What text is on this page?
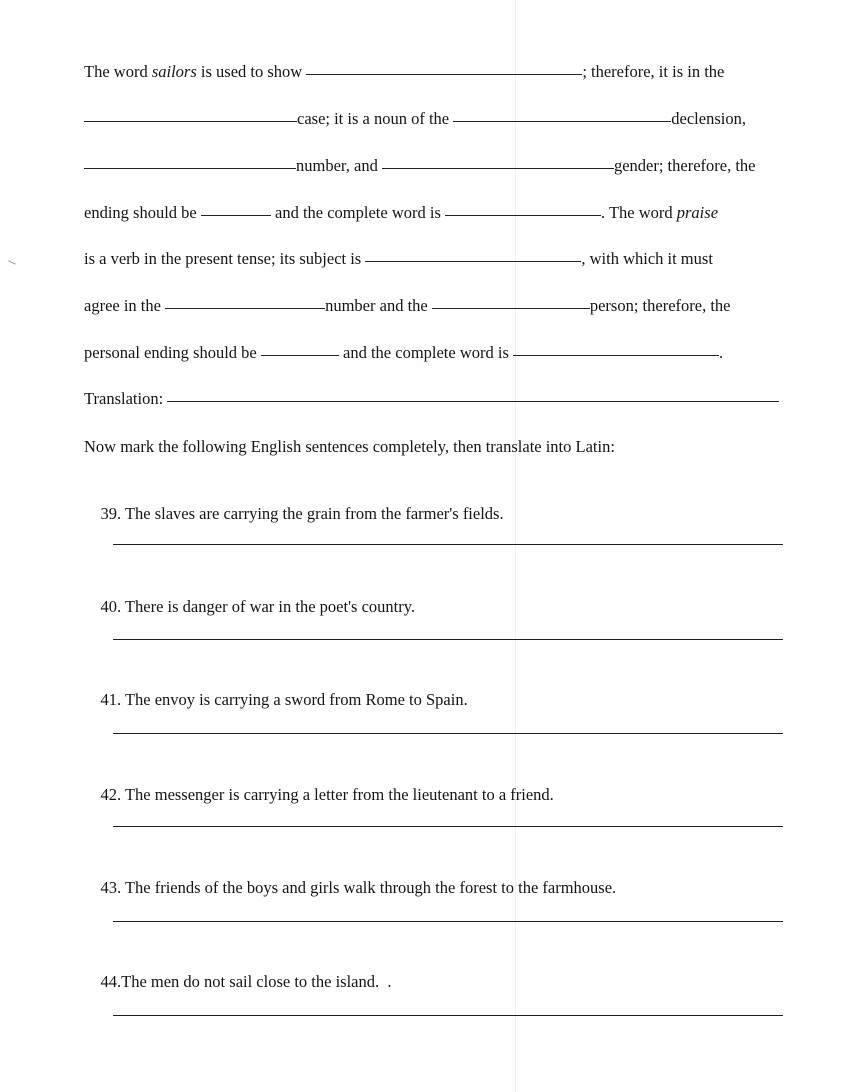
The word sailors is used to show	; therefore, it is in the
case; it is a noun of the	declension,
number, and	gender; therefore, the
ending should be	and the complete word is	. The word praise
is a verb in the present tense; its subject is	, with which it must
agree in the	number and the	person; therefore, the
personal ending should be	and the complete word is	.
Translation:
Now mark the following English sentences completely, then translate into Latin:

39. The slaves are carrying the grain from the farmer's fields.

40. There is danger of war in the poet's country.

41. The envoy is carrying a sword from Rome to Spain.

42. The messenger is carrying a letter from the lieutenant to a friend.

43. The friends of the boys and girls walk through the forest to the farmhouse.

44.The men do not sail close to the island.  .
